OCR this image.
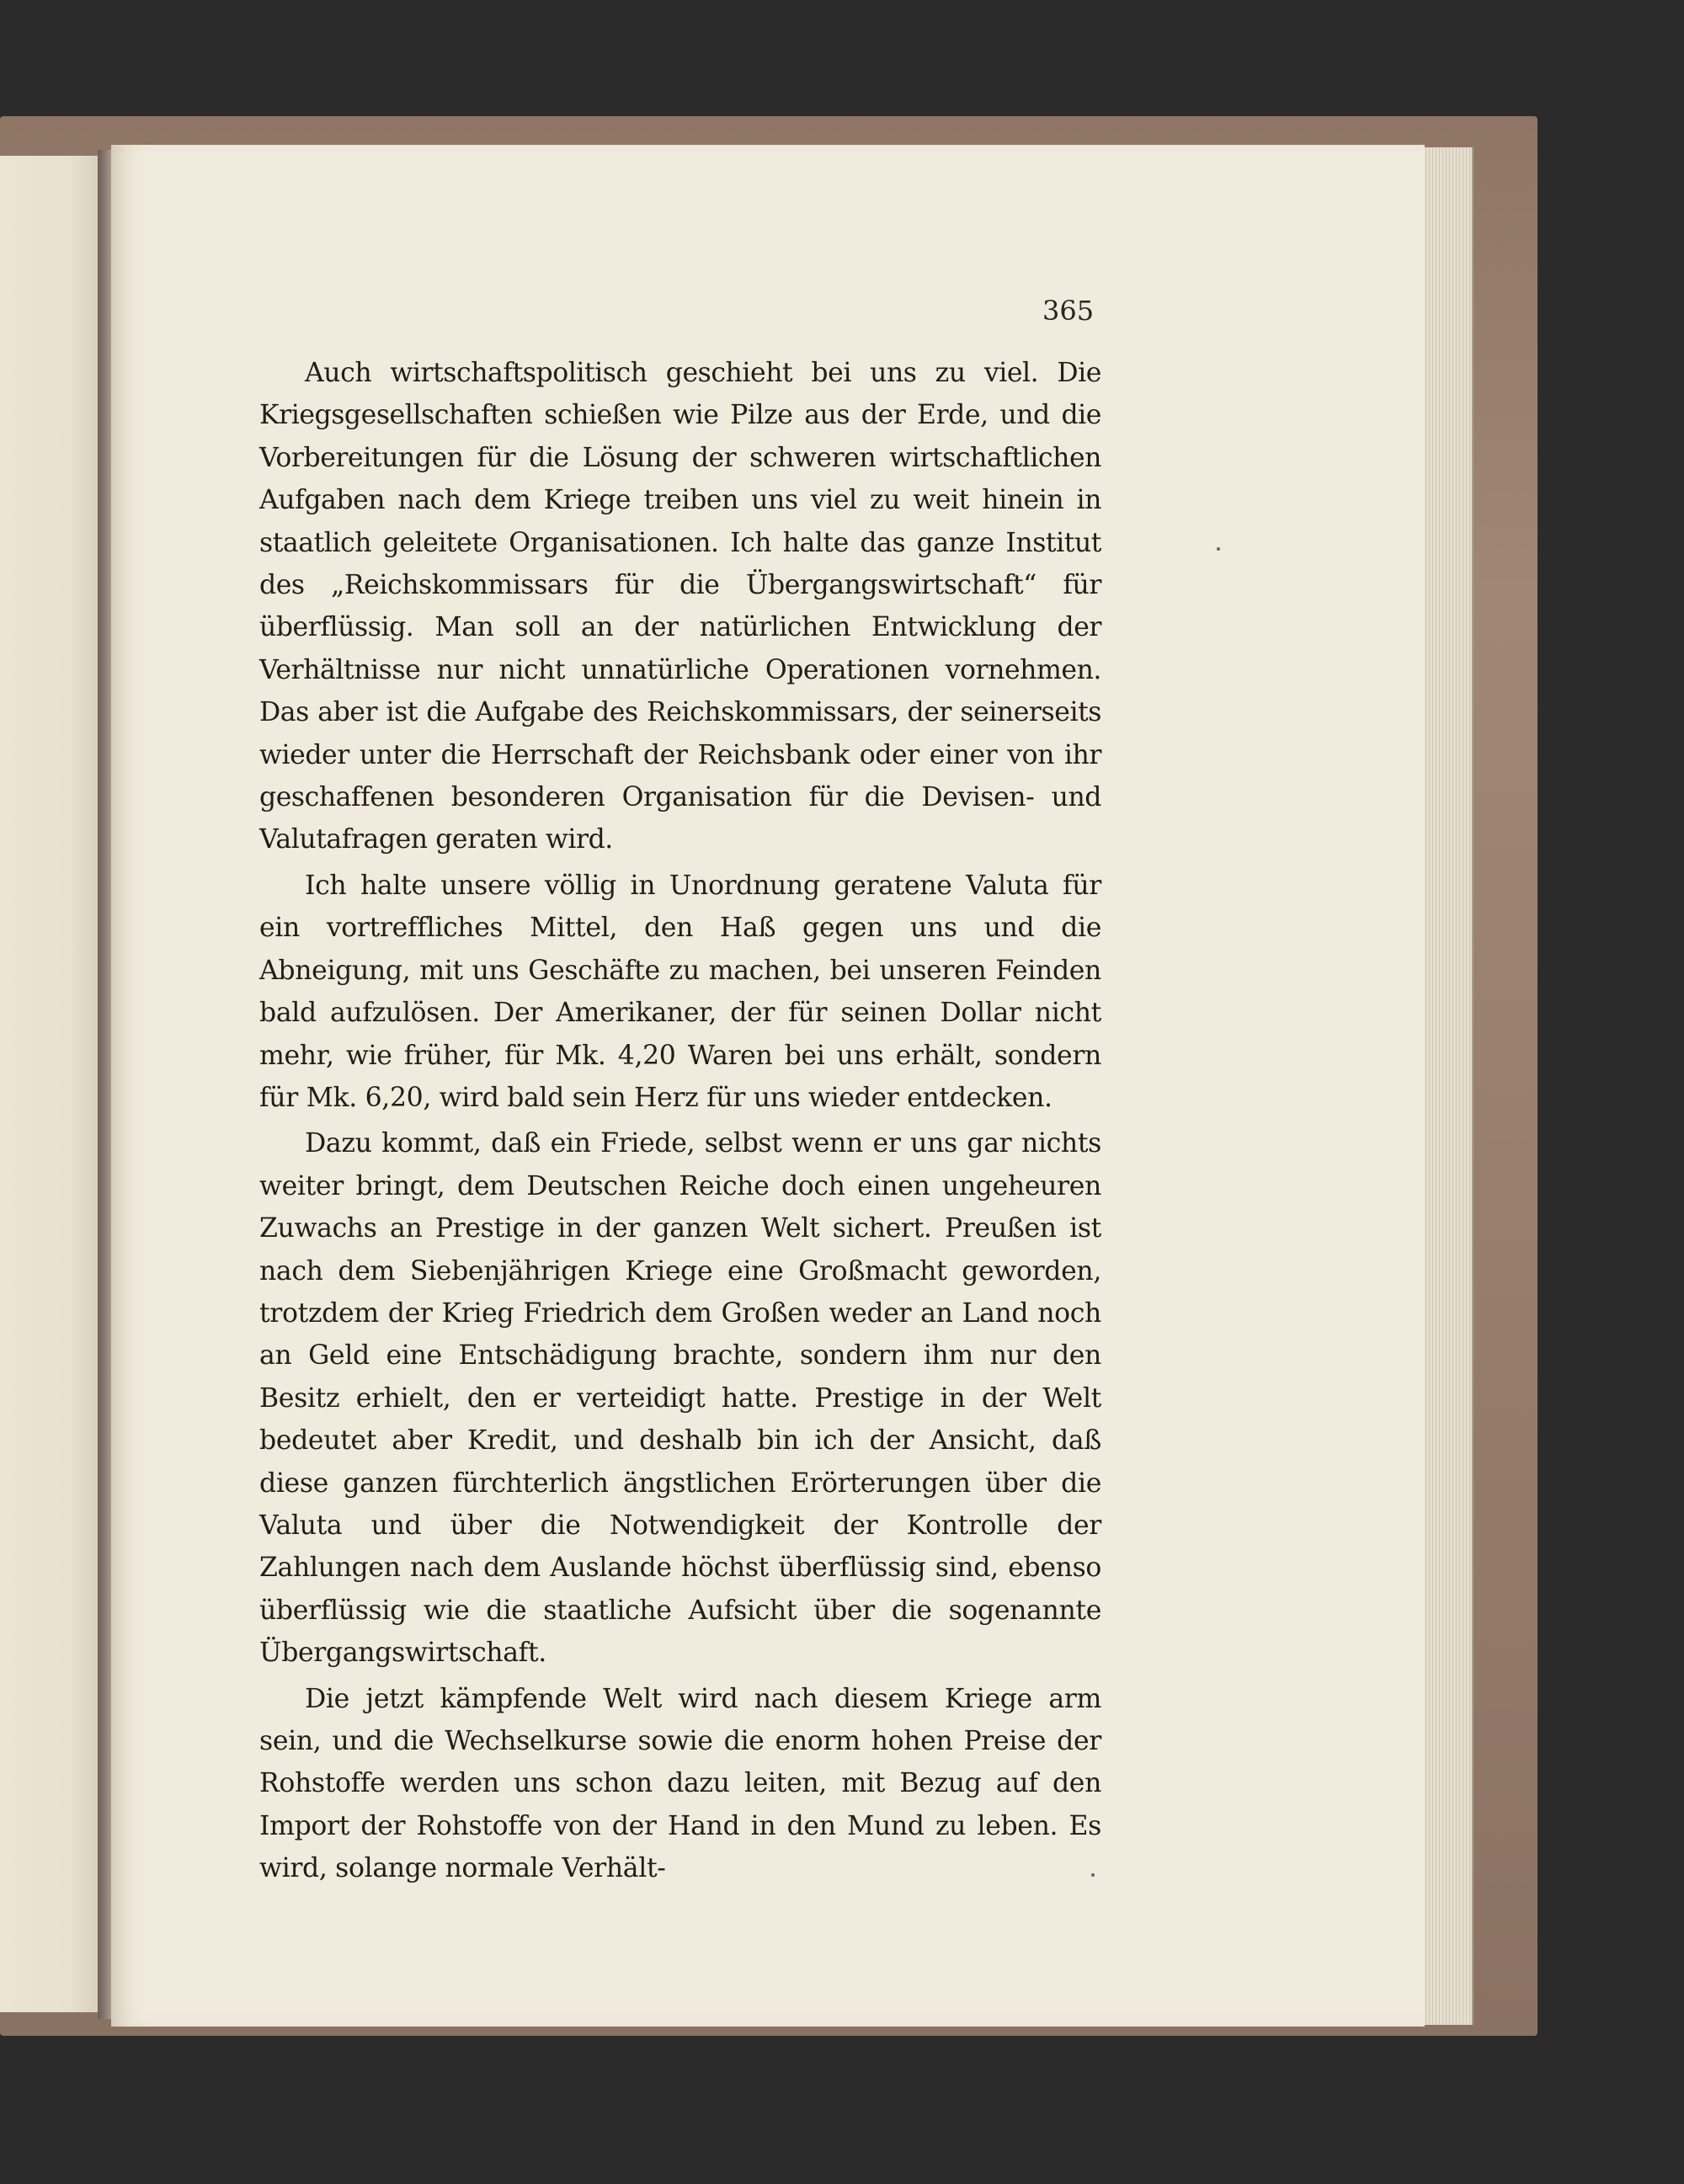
365

Auch wirtschaftspolitisch geschieht bei uns zu viel. Die Kriegsgesellschaften schießen wie Pilze aus der Erde, und die Vorbereitungen für die Lösung der schweren wirtschaftlichen Aufgaben nach dem Kriege treiben uns viel zu weit hinein in staatlich geleitete Organisationen. Ich halte das ganze Institut des „Reichskommissars für die Übergangswirtschaft“ für überflüssig. Man soll an der natürlichen Entwicklung der Verhältnisse nur nicht unnatürliche Operationen vornehmen. Das aber ist die Aufgabe des Reichskommissars, der seinerseits wieder unter die Herrschaft der Reichsbank oder einer von ihr geschaffenen besonderen Organisation für die Devisen- und Valutafragen geraten wird.

Ich halte unsere völlig in Unordnung geratene Valuta für ein vortreffliches Mittel, den Haß gegen uns und die Abneigung, mit uns Geschäfte zu machen, bei unseren Feinden bald aufzulösen. Der Amerikaner, der für seinen Dollar nicht mehr, wie früher, für Mk. 4,20 Waren bei uns erhält, sondern für Mk. 6,20, wird bald sein Herz für uns wieder entdecken.

Dazu kommt, daß ein Friede, selbst wenn er uns gar nichts weiter bringt, dem Deutschen Reiche doch einen ungeheuren Zuwachs an Prestige in der ganzen Welt sichert. Preußen ist nach dem Siebenjährigen Kriege eine Großmacht geworden, trotzdem der Krieg Friedrich dem Großen weder an Land noch an Geld eine Entschädigung brachte, sondern ihm nur den Besitz erhielt, den er verteidigt hatte. Prestige in der Welt bedeutet aber Kredit, und deshalb bin ich der Ansicht, daß diese ganzen fürchterlich ängstlichen Erörterungen über die Valuta und über die Notwendigkeit der Kontrolle der Zahlungen nach dem Auslande höchst überflüssig sind, ebenso überflüssig wie die staatliche Aufsicht über die sogenannte Übergangswirtschaft.

Die jetzt kämpfende Welt wird nach diesem Kriege arm sein, und die Wechselkurse sowie die enorm hohen Preise der Rohstoffe werden uns schon dazu leiten, mit Bezug auf den Import der Rohstoffe von der Hand in den Mund zu leben. Es wird, solange normale Verhält-
